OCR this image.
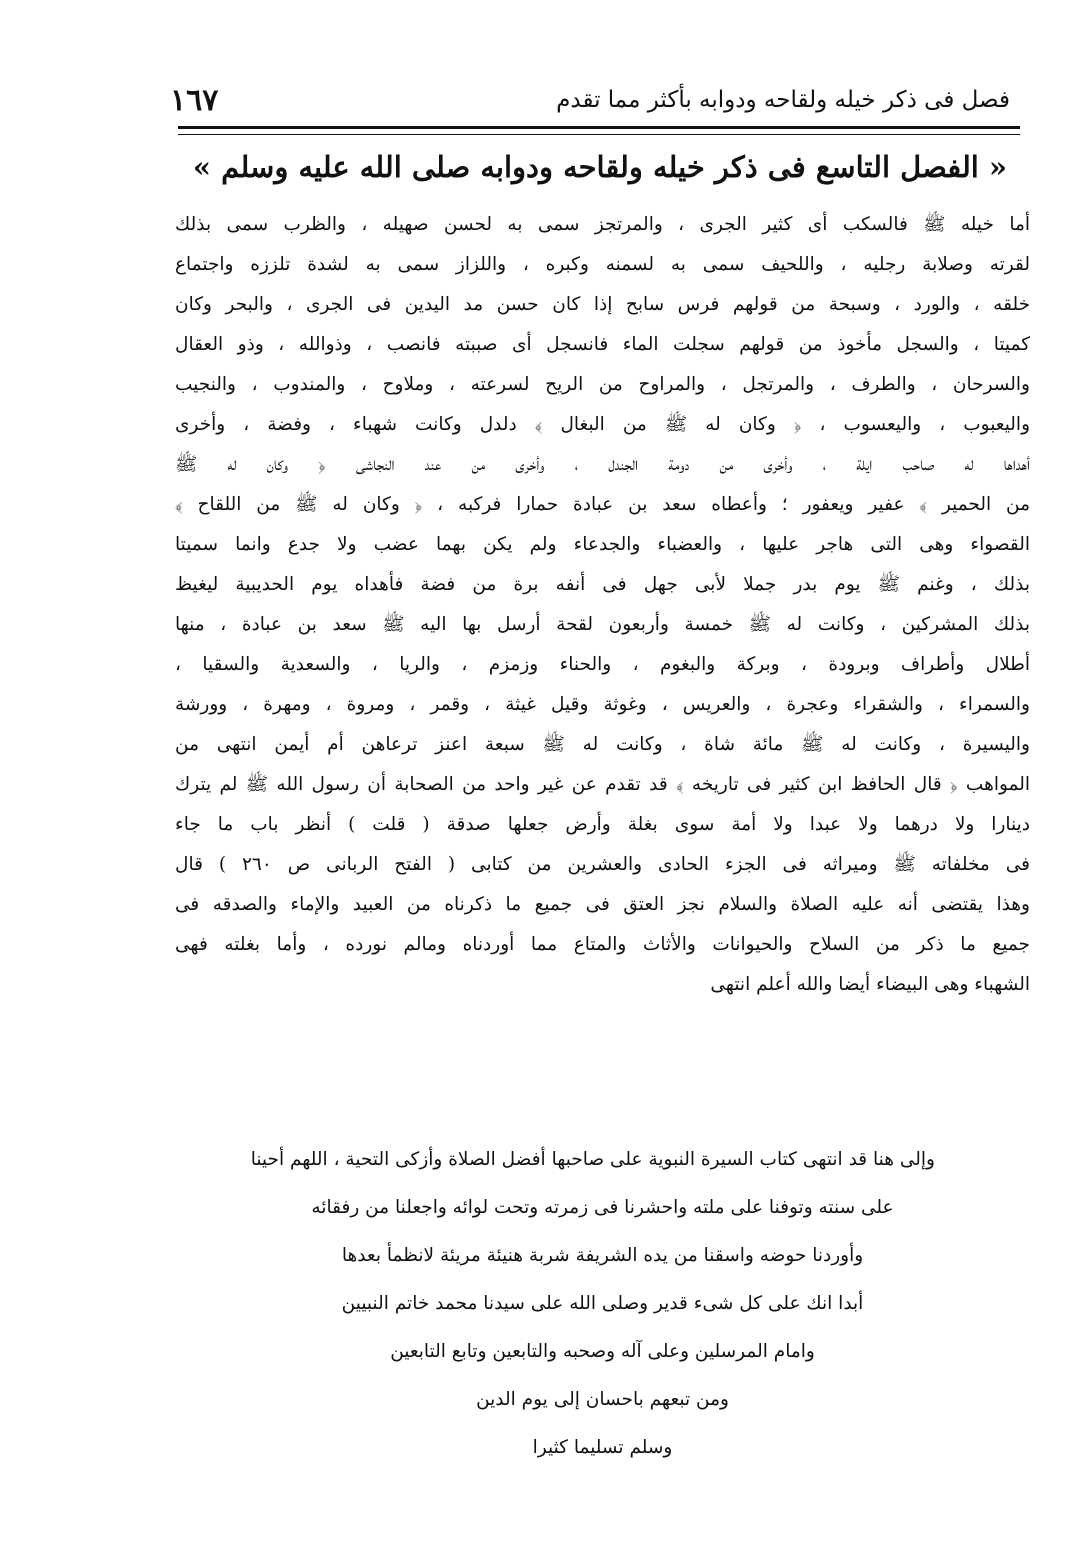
١٦٧	فصل فى ذكر خيله ولقاحه ودوابه بأكثر مما تقدم
« الفصل التاسع فى ذكر خيله ولقاحه ودوابه صلى الله عليه وسلم »
أما خيله ﷺ فالسكب أى كثير الجرى ، والمرتجز سمى به لحسن صهيله ، والظرب سمى بذلك
لقرته وصلابة رجليه ، واللحيف سمى به لسمنه وكبره ، واللزاز سمى به لشدة تلززه واجتماع
خلقه ، والورد ، وسبحة من قولهم فرس سابح إذا كان حسن مد اليدين فى الجرى ، والبحر وكان
كميتا ، والسجل مأخوذ من قولهم سجلت الماء فانسجل أى صببته فانصب ، وذوالله ، وذو العقال
والسرحان ، والطرف ، والمرتجل ، والمراوح من الريح لسرعته ، وملاوح ، والمندوب ، والنجيب
واليعبوب ، واليعسوب ، ﴿ وكان له ﷺ من البغال ﴾ دلدل وكانت شهباء ، وفضة ، وأخرى
أهداها له صاحب ايلة ، وأخرى من دومة الجندل ، وأخرى من عند النجاشى ﴿ وكان له ﷺ
من الحمير ﴾ عفير ويعفور ؛ وأعطاه سعد بن عبادة حمارا فركبه ، ﴿ وكان له ﷺ من اللقاح ﴾
القصواء وهى التى هاجر عليها ، والعضباء والجدعاء ولم يكن بهما عضب ولا جدع وانما سميتا
بذلك ، وغنم ﷺ يوم بدر جملا لأبى جهل فى أنفه برة من فضة فأهداه يوم الحديبية ليغيظ
بذلك المشركين ، وكانت له ﷺ خمسة وأربعون لقحة أرسل بها اليه ﷺ سعد بن عبادة ، منها
أطلال وأطراف وبرودة ، وبركة والبغوم ، والحناء وزمزم ، والريا ، والسعدية والسقيا ،
والسمراء ، والشقراء وعجرة ، والعريس ، وغوثة وقيل غيثة ، وقمر ، ومروة ، ومهرة ، وورشة
واليسيرة ، وكانت له ﷺ مائة شاة ، وكانت له ﷺ سبعة اعنز ترعاهن أم أيمن انتهى من
المواهب ﴿ قال الحافظ ابن كثير فى تاريخه ﴾ قد تقدم عن غير واحد من الصحابة أن رسول الله ﷺ لم يترك
دينارا ولا درهما ولا عبدا ولا أمة سوى بغلة وأرض جعلها صدقة ( قلت ) أنظر باب ما جاء
فى مخلفاته ﷺ وميراثه فى الجزء الحادى والعشرين من كتابى ( الفتح الربانى ص ٢٦٠ ) قال
وهذا يقتضى أنه عليه الصلاة والسلام نجز العتق فى جميع ما ذكرناه من العبيد والإماء والصدقه فى
جميع ما ذكر من السلاح والحيوانات والأثاث والمتاع مما أوردناه ومالم نورده ، وأما بغلته فهى
الشهباء وهى البيضاء أيضا والله أعلم انتهى
وإلى هنا قد انتهى كتاب السيرة النبوية على صاحبها أفضل الصلاة وأزكى التحية ، اللهم أحينا
على سنته وتوفنا على ملته واحشرنا فى زمرته وتحت لوائه واجعلنا من رفقائه
وأوردنا حوضه واسقنا من يده الشريفة شربة هنيئة مريئة لانظمأ بعدها
أبدا انك على كل شىء قدير وصلى الله على سيدنا محمد خاتم النبيين
وامام المرسلين وعلى آله وصحبه والتابعين وتابع التابعين
ومن تبعهم باحسان إلى يوم الدين
وسلم تسليما كثيرا
